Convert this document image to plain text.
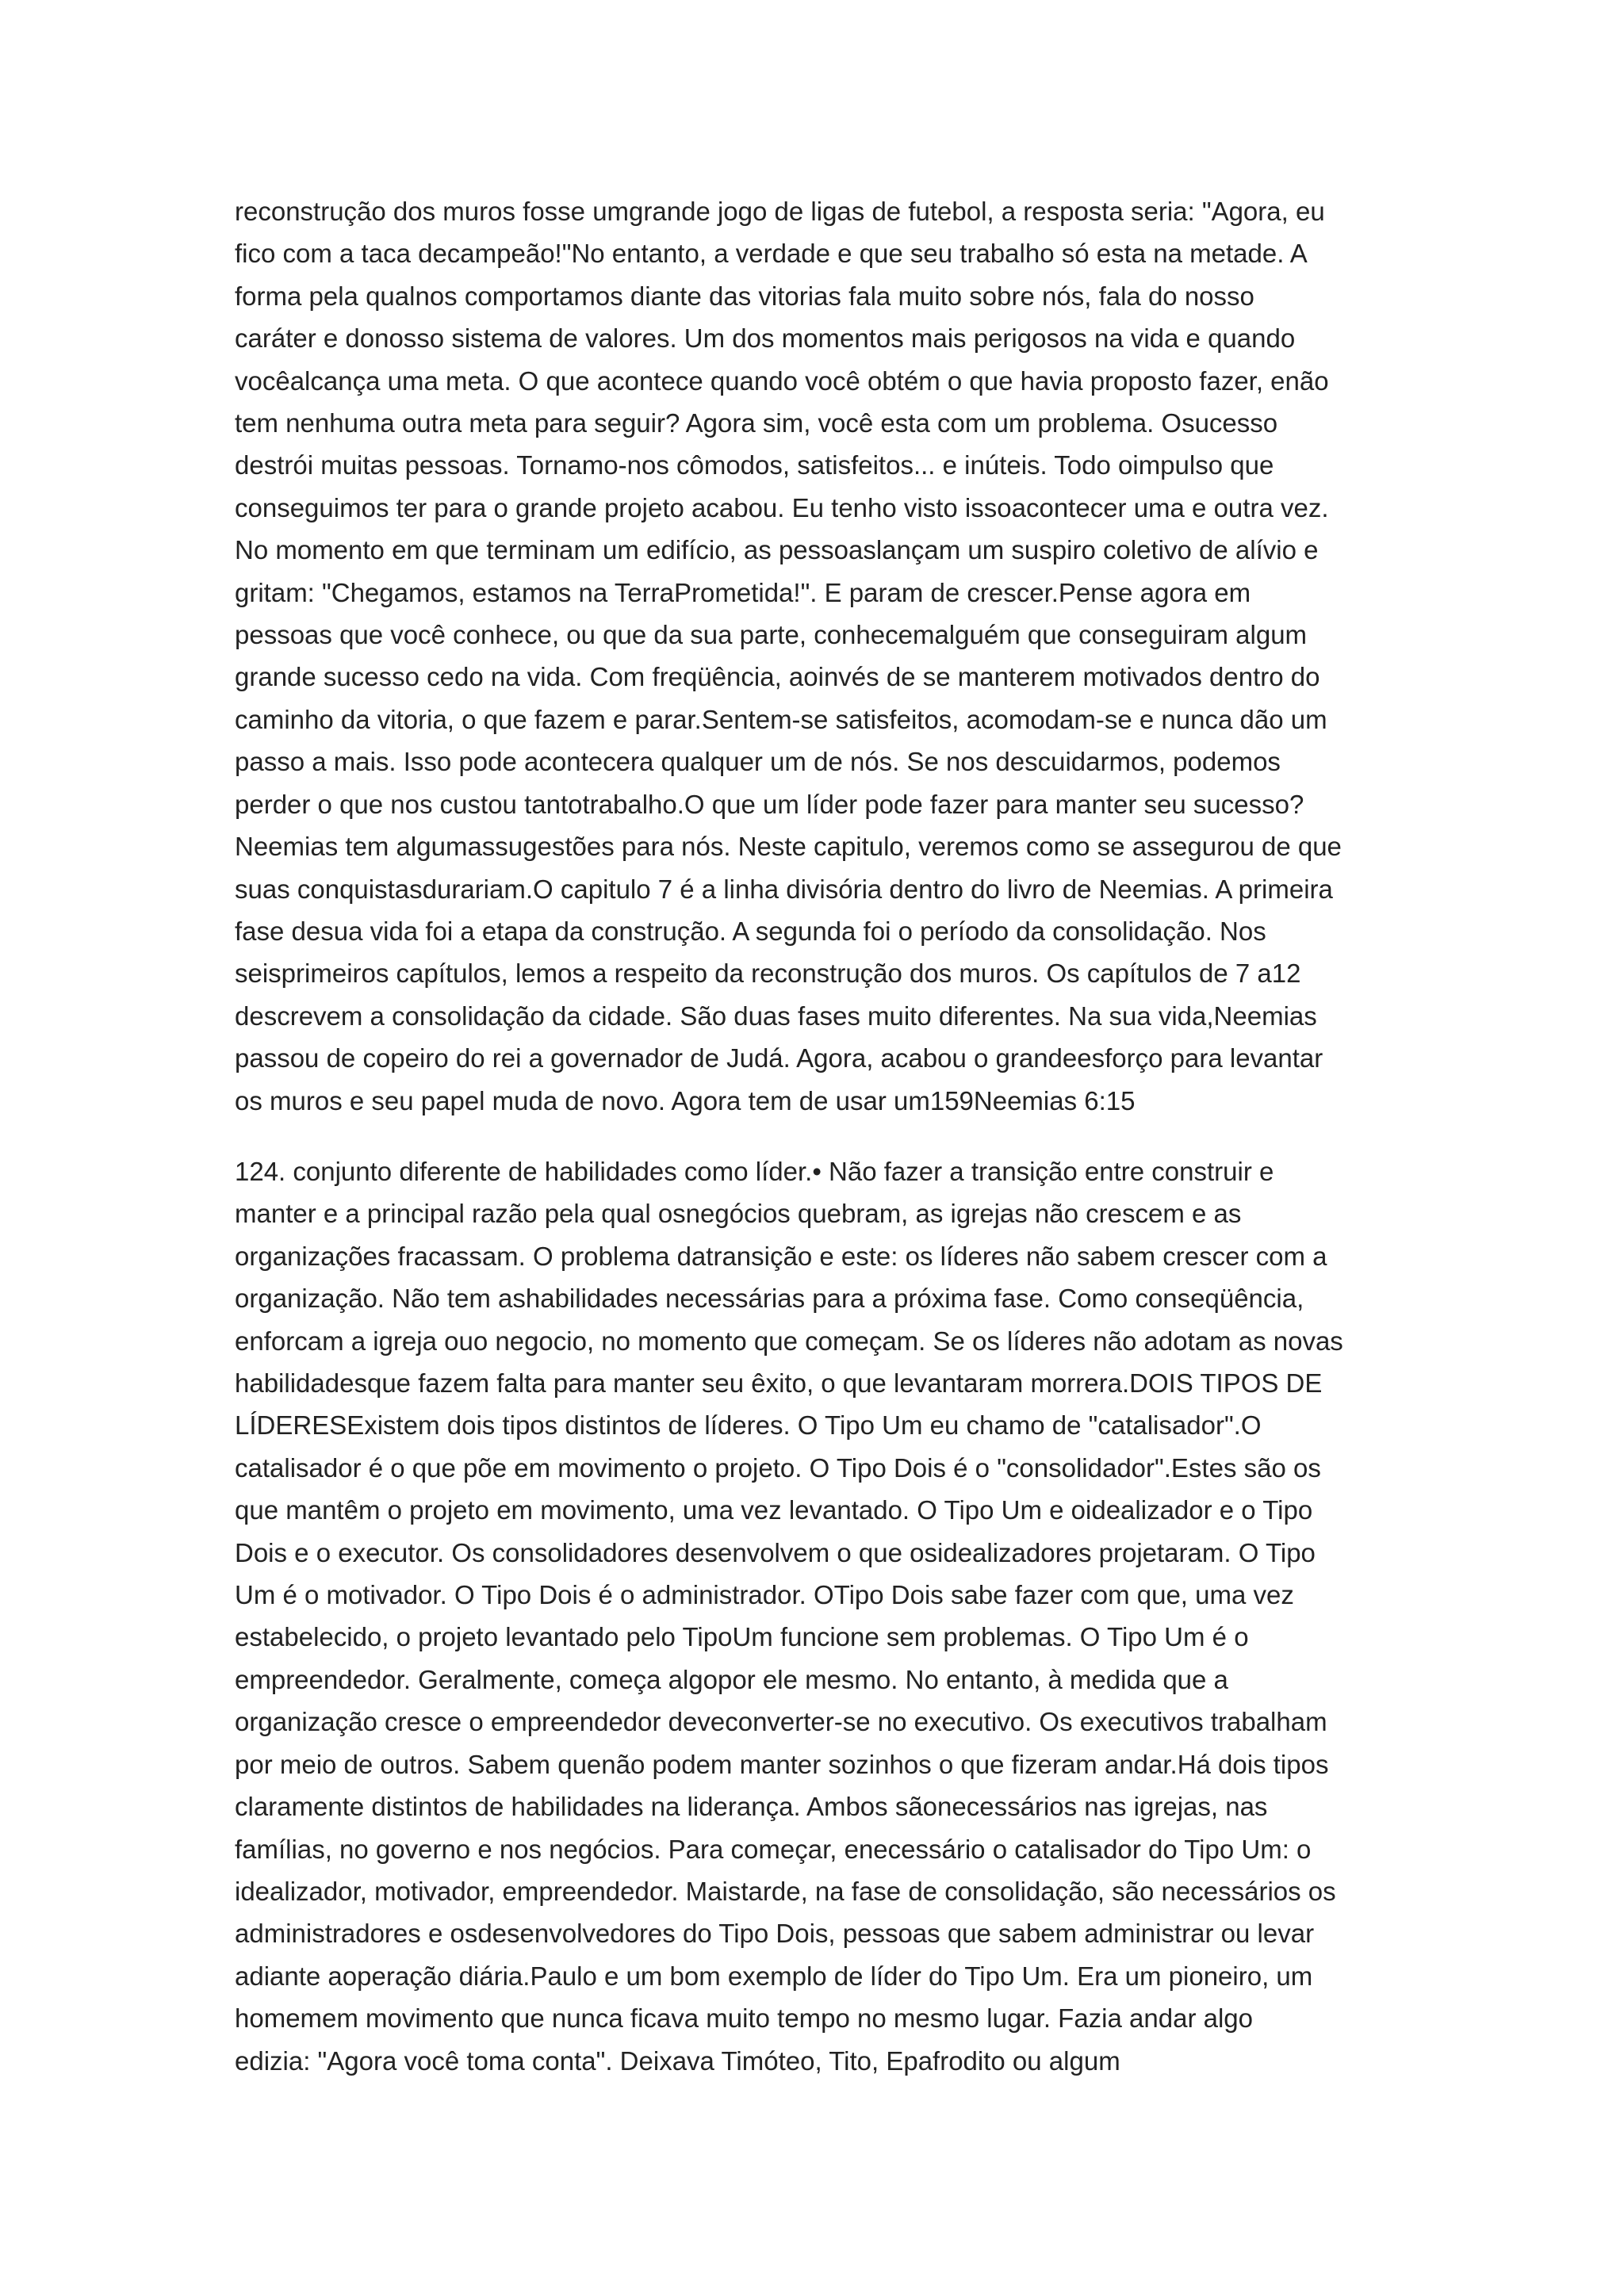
reconstrução dos muros fosse umgrande jogo de ligas de futebol, a resposta seria: "Agora, eu
fico com a taca decampeão!"No entanto, a verdade e que seu trabalho só esta na metade. A
forma pela qualnos comportamos diante das vitorias fala muito sobre nós, fala do nosso
caráter e donosso sistema de valores. Um dos momentos mais perigosos na vida e quando
vocêalcança uma meta. O que acontece quando você obtém o que havia proposto fazer, enão
tem nenhuma outra meta para seguir? Agora sim, você esta com um problema. Osucesso
destrói muitas pessoas. Tornamo-nos cômodos, satisfeitos... e inúteis. Todo oimpulso que
conseguimos ter para o grande projeto acabou. Eu tenho visto issoacontecer uma e outra vez.
No momento em que terminam um edifício, as pessoaslançam um suspiro coletivo de alívio e
gritam: "Chegamos, estamos na TerraPrometida!". E param de crescer.Pense agora em
pessoas que você conhece, ou que da sua parte, conhecemalguém que conseguiram algum
grande sucesso cedo na vida. Com freqüência, aoinvés de se manterem motivados dentro do
caminho da vitoria, o que fazem e parar.Sentem-se satisfeitos, acomodam-se e nunca dão um
passo a mais. Isso pode acontecera qualquer um de nós. Se nos descuidarmos, podemos
perder o que nos custou tantotrabalho.O que um líder pode fazer para manter seu sucesso?
Neemias tem algumassugestões para nós. Neste capitulo, veremos como se assegurou de que
suas conquistasdurariam.O capitulo 7 é a linha divisória dentro do livro de Neemias. A primeira
fase desua vida foi a etapa da construção. A segunda foi o período da consolidação. Nos
seisprimeiros capítulos, lemos a respeito da reconstrução dos muros. Os capítulos de 7 a12
descrevem a consolidação da cidade. São duas fases muito diferentes. Na sua vida,Neemias
passou de copeiro do rei a governador de Judá. Agora, acabou o grandeesforço para levantar
os muros e seu papel muda de novo. Agora tem de usar um159Neemias 6:15
124. conjunto diferente de habilidades como líder.• Não fazer a transição entre construir e
manter e a principal razão pela qual osnegócios quebram, as igrejas não crescem e as
organizações fracassam. O problema datransição e este: os líderes não sabem crescer com a
organização. Não tem ashabilidades necessárias para a próxima fase. Como conseqüência,
enforcam a igreja ouo negocio, no momento que começam. Se os líderes não adotam as novas
habilidadesque fazem falta para manter seu êxito, o que levantaram morrera.DOIS TIPOS DE
LÍDERESExistem dois tipos distintos de líderes. O Tipo Um eu chamo de "catalisador".O
catalisador é o que põe em movimento o projeto. O Tipo Dois é o "consolidador".Estes são os
que mantêm o projeto em movimento, uma vez levantado. O Tipo Um e oidealizador e o Tipo
Dois e o executor. Os consolidadores desenvolvem o que osidealizadores projetaram. O Tipo
Um é o motivador. O Tipo Dois é o administrador. OTipo Dois sabe fazer com que, uma vez
estabelecido, o projeto levantado pelo TipoUm funcione sem problemas. O Tipo Um é o
empreendedor. Geralmente, começa algopor ele mesmo. No entanto, à medida que a
organização cresce o empreendedor deveconverter-se no executivo. Os executivos trabalham
por meio de outros. Sabem quenão podem manter sozinhos o que fizeram andar.Há dois tipos
claramente distintos de habilidades na liderança. Ambos sãonecessários nas igrejas, nas
famílias, no governo e nos negócios. Para começar, enecessário o catalisador do Tipo Um: o
idealizador, motivador, empreendedor. Maistarde, na fase de consolidação, são necessários os
administradores e osdesenvolvedores do Tipo Dois, pessoas que sabem administrar ou levar
adiante aoperação diária.Paulo e um bom exemplo de líder do Tipo Um. Era um pioneiro, um
homemem movimento que nunca ficava muito tempo no mesmo lugar. Fazia andar algo
edizia: "Agora você toma conta". Deixava Timóteo, Tito, Epafrodito ou algum
